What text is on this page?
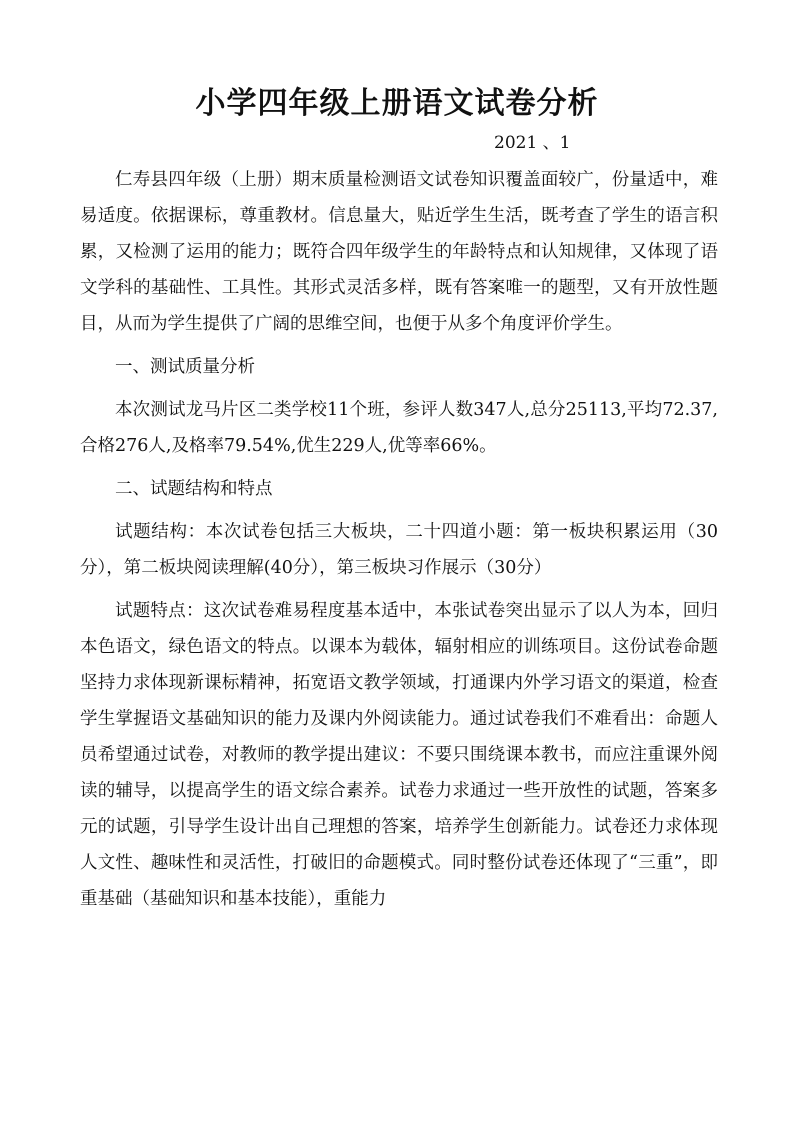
小学四年级上册语文试卷分析
2021 、1

仁寿县四年级（上册）期末质量检测语文试卷知识覆盖面较广，份量适中，难易适度。依据课标，尊重教材。信息量大，贴近学生生活，既考查了学生的语言积累，又检测了运用的能力；既符合四年级学生的年龄特点和认知规律，又体现了语文学科的基础性、工具性。其形式灵活多样，既有答案唯一的题型，又有开放性题目，从而为学生提供了广阔的思维空间，也便于从多个角度评价学生。

一、测试质量分析

本次测试龙马片区二类学校11个班，参评人数347人,总分25113,平均72.37,合格276人,及格率79.54%,优生229人,优等率66%。

二、试题结构和特点

试题结构：本次试卷包括三大板块，二十四道小题：第一板块积累运用（30分），第二板块阅读理解(40分），第三板块习作展示（30分）

试题特点：这次试卷难易程度基本适中，本张试卷突出显示了以人为本，回归本色语文，绿色语文的特点。以课本为载体，辐射相应的训练项目。这份试卷命题坚持力求体现新课标精神，拓宽语文教学领域，打通课内外学习语文的渠道，检查学生掌握语文基础知识的能力及课内外阅读能力。通过试卷我们不难看出：命题人员希望通过试卷，对教师的教学提出建议：不要只围绕课本教书，而应注重课外阅读的辅导，以提高学生的语文综合素养。试卷力求通过一些开放性的试题，答案多元的试题，引导学生设计出自己理想的答案，培养学生创新能力。试卷还力求体现人文性、趣味性和灵活性，打破旧的命题模式。同时整份试卷还体现了“三重”，即重基础（基础知识和基本技能），重能力
